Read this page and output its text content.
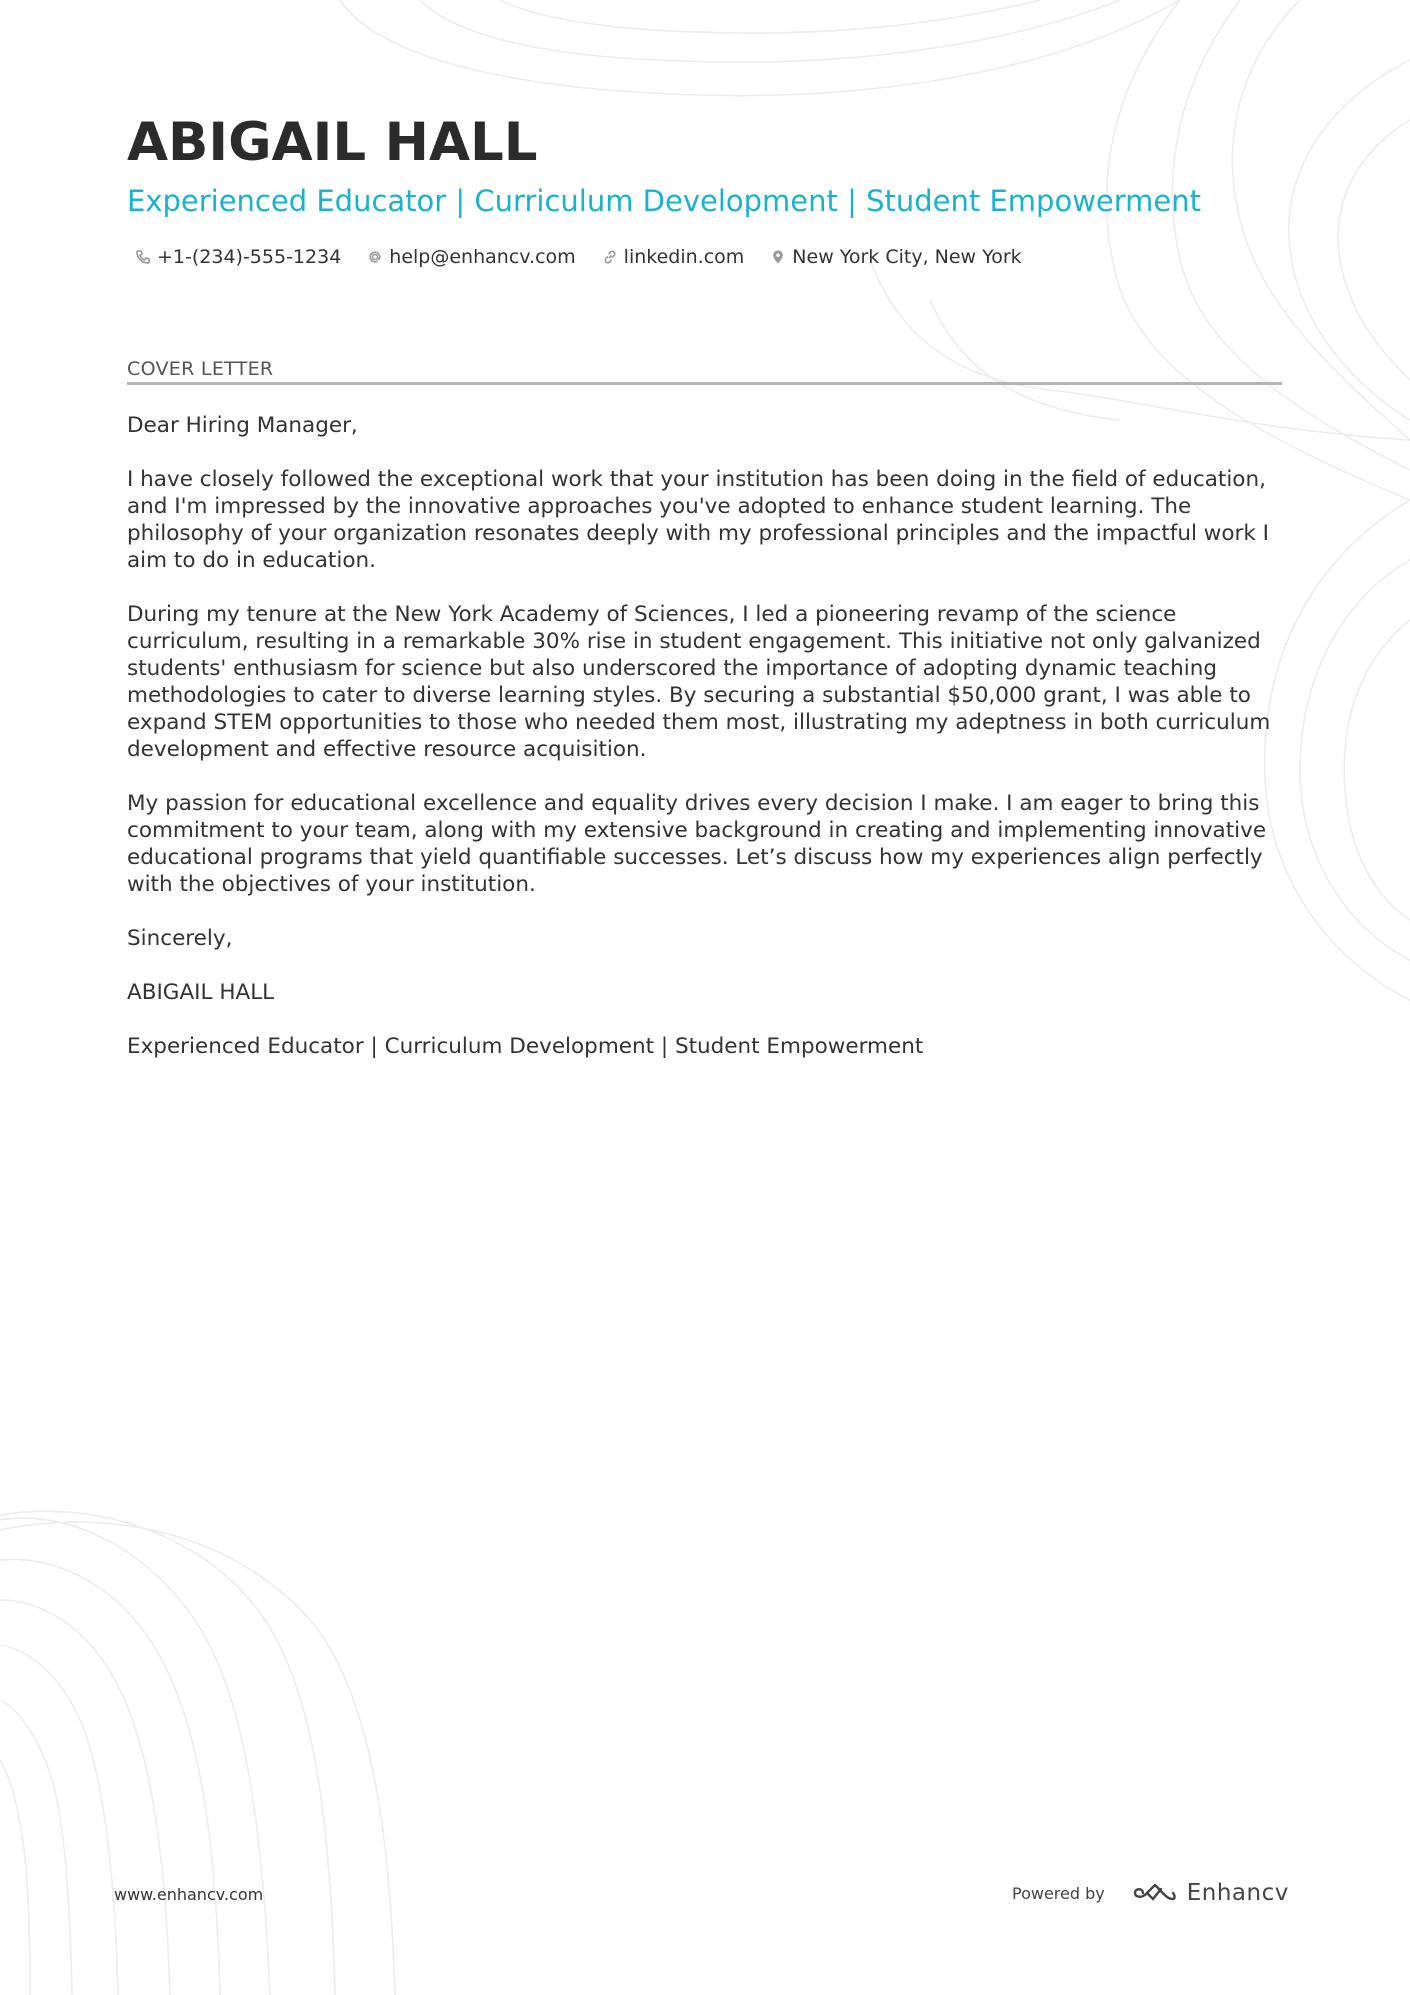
ABIGAIL HALL
Experienced Educator | Curriculum Development | Student Empowerment
+1-(234)-555-1234	help@enhancv.com	linkedin.com	New York City, New York
COVER LETTER

Dear Hiring Manager,

I have closely followed the exceptional work that your institution has been doing in the field of education, and I'm impressed by the innovative approaches you've adopted to enhance student learning. The philosophy of your organization resonates deeply with my professional principles and the impactful work I aim to do in education.

During my tenure at the New York Academy of Sciences, I led a pioneering revamp of the science curriculum, resulting in a remarkable 30% rise in student engagement. This initiative not only galvanized students' enthusiasm for science but also underscored the importance of adopting dynamic teaching methodologies to cater to diverse learning styles. By securing a substantial $50,000 grant, I was able to expand STEM opportunities to those who needed them most, illustrating my adeptness in both curriculum development and effective resource acquisition.

My passion for educational excellence and equality drives every decision I make. I am eager to bring this commitment to your team, along with my extensive background in creating and implementing innovative educational programs that yield quantifiable successes. Let’s discuss how my experiences align perfectly with the objectives of your institution.

Sincerely,

ABIGAIL HALL

Experienced Educator | Curriculum Development | Student Empowerment

www.enhancv.com	Powered by	Enhancv
